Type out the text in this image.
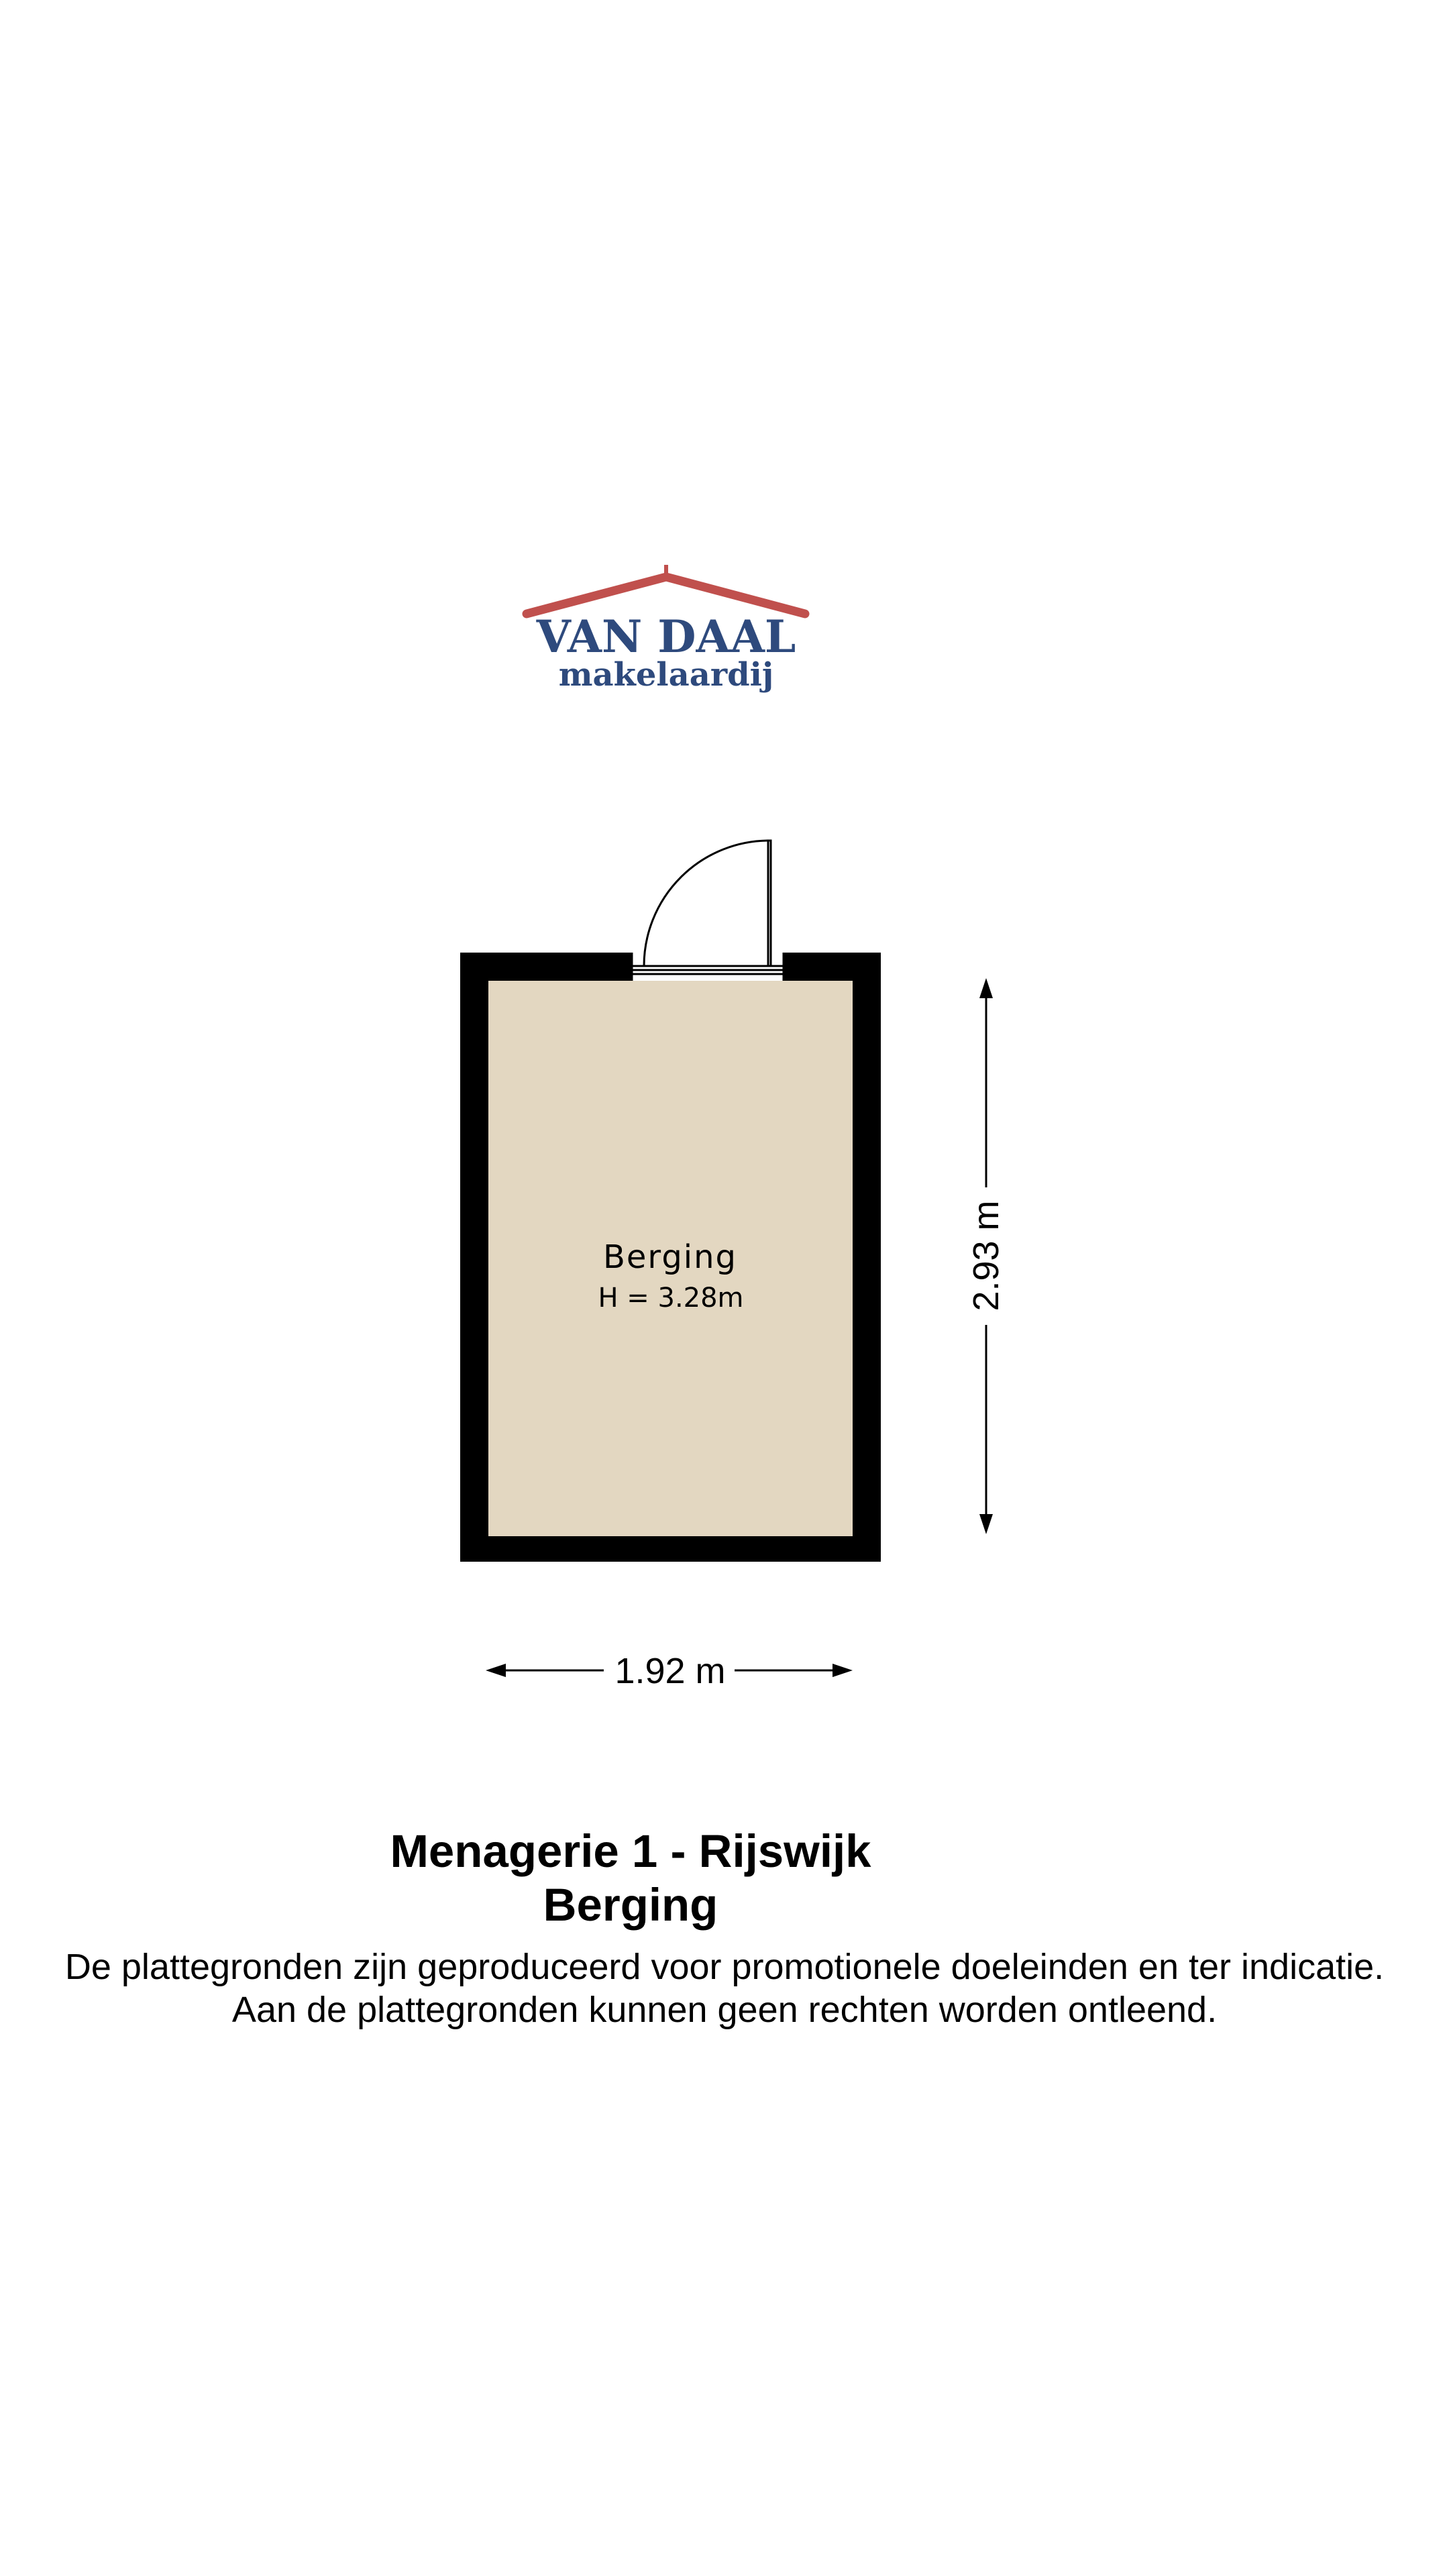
VAN DAAL
makelaardij
Berging
H = 3.28m	2.93 m
1.92 m
Menagerie 1 - Rijswijk
Berging
De plattegronden zijn geproduceerd voor promotionele doeleinden en ter indicatie.
Aan de plattegronden kunnen geen rechten worden ontleend.
